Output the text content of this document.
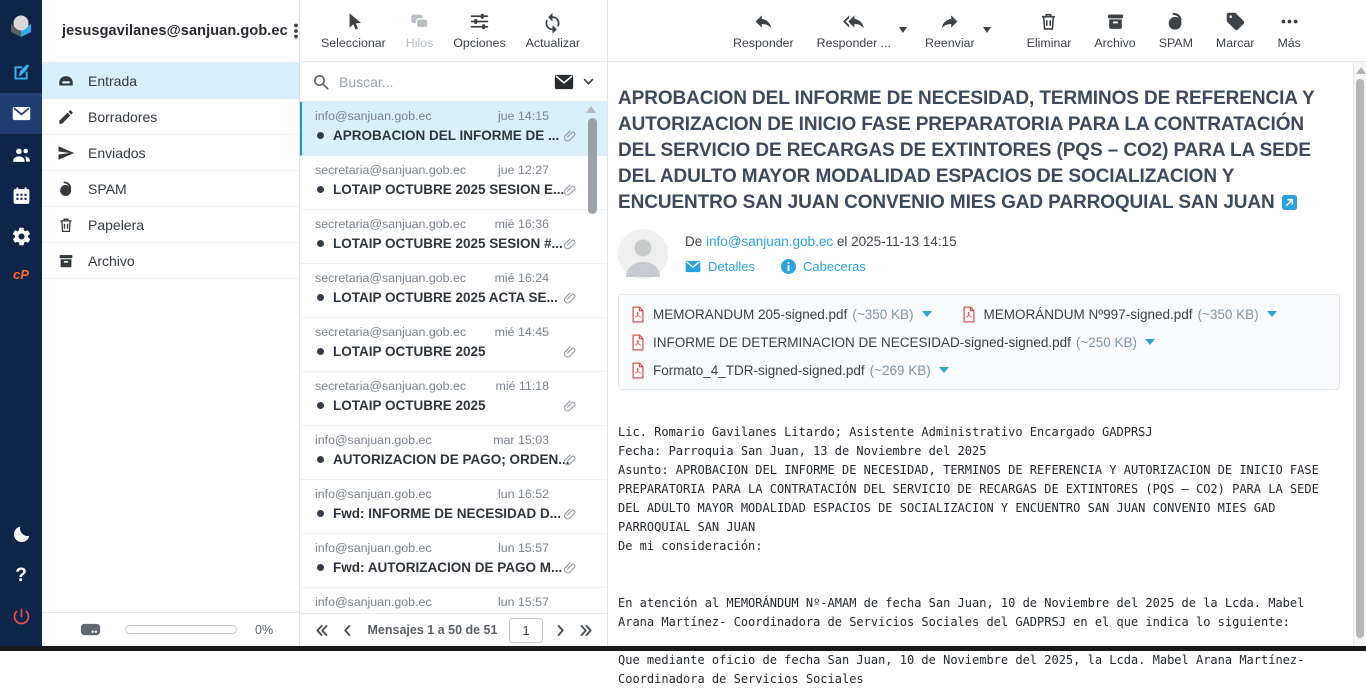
cP
?
jesusgavilanes@sanjuan.gob.ec
Entrada
Borradores
Enviados
SPAM
Papelera
Archivo
0%
Seleccionar Hilos Opciones Actualizar
Buscar...
info@sanjuan.gob.ec	jue 14:15
APROBACION DEL INFORME DE ...
secretaria@sanjuan.gob.ec	jue 12:27
LOTAIP OCTUBRE 2025 SESION E...
secretaria@sanjuan.gob.ec	mié 16:36
LOTAIP OCTUBRE 2025 SESION #...
secretaria@sanjuan.gob.ec	mié 16:24
LOTAIP OCTUBRE 2025 ACTA SE...
secretaria@sanjuan.gob.ec	mié 14:45
LOTAIP OCTUBRE 2025
secretaria@sanjuan.gob.ec	mié 11:18
LOTAIP OCTUBRE 2025
info@sanjuan.gob.ec	mar 15:03
AUTORIZACION DE PAGO; ORDEN...
info@sanjuan.gob.ec	lun 16:52
Fwd: INFORME DE NECESIDAD D...
info@sanjuan.gob.ec	lun 15:57
Fwd: AUTORIZACION DE PAGO M...
info@sanjuan.gob.ec	lun 15:57
Mensajes 1 a 50 de 51
1
Responder Responder ...	Reenviar	Eliminar Archivo SPAM Marcar Más
APROBACION DEL INFORME DE NECESIDAD, TERMINOS DE REFERENCIA Y AUTORIZACION DE INICIO FASE PREPARATORIA PARA LA CONTRATACIÓN DEL SERVICIO DE RECARGAS DE EXTINTORES (PQS – CO2) PARA LA SEDE DEL ADULTO MAYOR MODALIDAD ESPACIOS DE SOCIALIZACION Y ENCUENTRO SAN JUAN CONVENIO MIES GAD PARROQUIAL SAN JUAN
De info@sanjuan.gob.ec el 2025-11-13 14:15
Detalles	Cabeceras
MEMORANDUM 205-signed.pdf (~350 KB)	MEMORÁNDUM Nº997-signed.pdf (~350 KB)
INFORME DE DETERMINACION DE NECESIDAD-signed-signed.pdf (~250 KB)
Formato_4_TDR-signed-signed.pdf (~269 KB)
Lic. Romario Gavilanes Litardo; Asistente Administrativo Encargado GADPRSJ
Fecha: Parroquia San Juan, 13 de Noviembre del 2025
Asunto: APROBACION DEL INFORME DE NECESIDAD, TERMINOS DE REFERENCIA Y AUTORIZACION DE INICIO FASE PREPARATORIA PARA LA CONTRATACIÓN DEL SERVICIO DE RECARGAS DE EXTINTORES (PQS – CO2) PARA LA SEDE DEL ADULTO MAYOR MODALIDAD ESPACIOS DE SOCIALIZACION Y ENCUENTRO SAN JUAN CONVENIO MIES GAD PARROQUIAL SAN JUAN
De mi consideración:
En atención al MEMORÁNDUM Nº-AMAM de fecha San Juan, 10 de Noviembre del 2025 de la Lcda. Mabel Arana Martínez- Coordinadora de Servicios Sociales del GADPRSJ en el que indica lo siguiente:
Que mediante oficio de fecha San Juan, 10 de Noviembre del 2025, la Lcda. Mabel Arana Martínez- Coordinadora de Servicios Sociales
